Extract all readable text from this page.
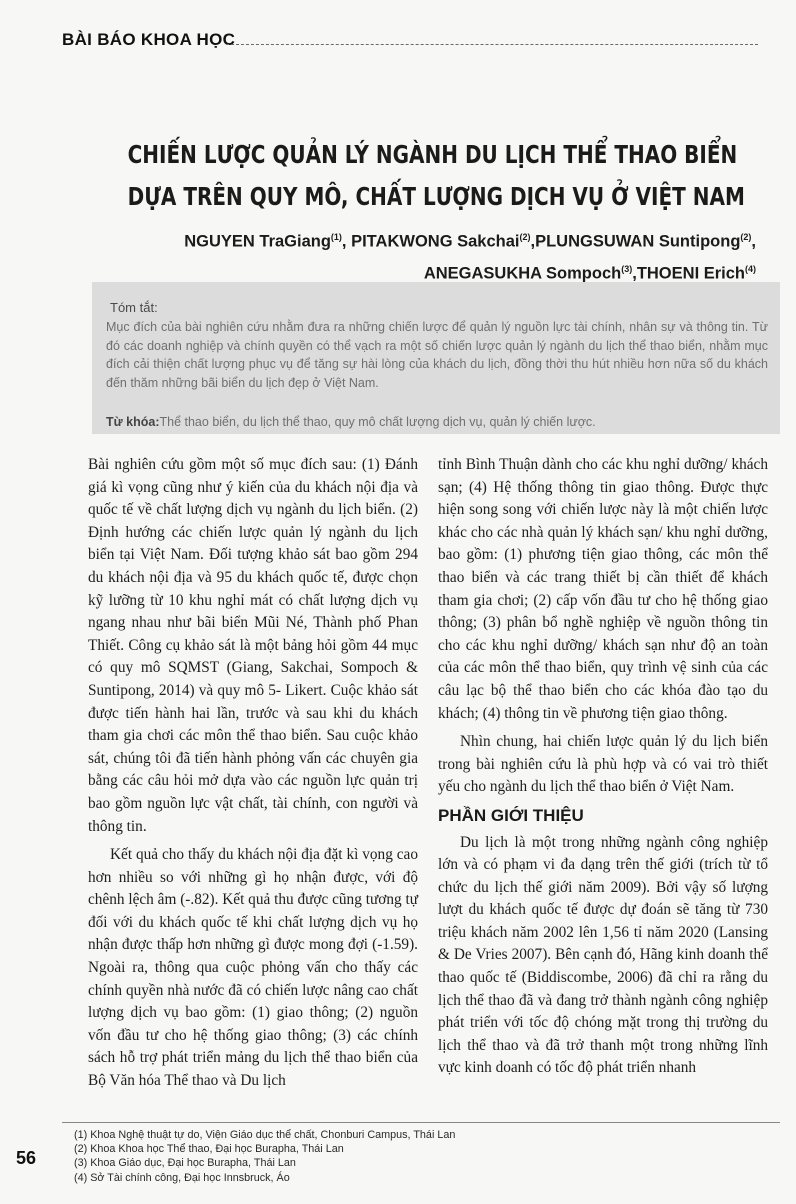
BÀI BÁO KHOA HỌC
CHIẾN LƯỢC QUẢN LÝ NGÀNH DU LỊCH THỂ THAO BIỂN
DỰA TRÊN QUY MÔ, CHẤT LƯỢNG DỊCH VỤ Ở VIỆT NAM
NGUYEN TraGiang$^{(1)}$, PITAKWONG Sakchai$^{(2)}$,PLUNGSUWAN Suntipong$^{(2)}$,
ANEGASUKHA Sompoch$^{(3)}$,THOENI Erich$^{(4)}$
Tóm tắt:
Mục đích của bài nghiên cứu nhằm đưa ra những chiến lược để quản lý nguồn lực tài chính, nhân sự và thông tin. Từ đó các doanh nghiệp và chính quyền có thể vạch ra một số chiến lược quản lý ngành du lịch thể thao biển, nhằm mục đích cải thiện chất lượng phục vụ để tăng sự hài lòng của khách du lịch, đồng thời thu hút nhiều hơn nữa số du khách đến thăm những bãi biển du lịch đẹp ở Việt Nam.
Từ khóa:Thể thao biển, du lịch thể thao, quy mô chất lượng dịch vụ, quản lý chiến lược.

Bài nghiên cứu gồm một số mục đích sau: (1) Đánh giá kì vọng cũng như ý kiến của du khách nội địa và quốc tế về chất lượng dịch vụ ngành du lịch biển. (2) Định hướng các chiến lược quản lý ngành du lịch biển tại Việt Nam. Đối tượng khảo sát bao gồm 294 du khách nội địa và 95 du khách quốc tế, được chọn kỹ lưỡng từ 10 khu nghỉ mát có chất lượng dịch vụ ngang nhau như bãi biển Mũi Né, Thành phố Phan Thiết. Công cụ khảo sát là một bảng hỏi gồm 44 mục có quy mô SQMST (Giang, Sakchai, Sompoch & Suntipong, 2014) và quy mô 5- Likert. Cuộc khảo sát được tiến hành hai lần, trước và sau khi du khách tham gia chơi các môn thể thao biển. Sau cuộc khảo sát, chúng tôi đã tiến hành phỏng vấn các chuyên gia bằng các câu hỏi mở dựa vào các nguồn lực quản trị bao gồm nguồn lực vật chất, tài chính, con người và thông tin.

Kết quả cho thấy du khách nội địa đặt kì vọng cao hơn nhiều so với những gì họ nhận được, với độ chênh lệch âm (-.82). Kết quả thu được cũng tương tự đối với du khách quốc tế khi chất lượng dịch vụ họ nhận được thấp hơn những gì được mong đợi (-1.59). Ngoài ra, thông qua cuộc phỏng vấn cho thấy các chính quyền nhà nước đã có chiến lược nâng cao chất lượng dịch vụ bao gồm: (1) giao thông; (2) nguồn vốn đầu tư cho hệ thống giao thông; (3) các chính sách hỗ trợ phát triển mảng du lịch thể thao biển của Bộ Văn hóa Thể thao và Du lịch

tỉnh Bình Thuận dành cho các khu nghỉ dưỡng/ khách sạn; (4) Hệ thống thông tin giao thông. Được thực hiện song song với chiến lược này là một chiến lược khác cho các nhà quản lý khách sạn/ khu nghỉ dưỡng, bao gồm: (1) phương tiện giao thông, các môn thể thao biển và các trang thiết bị cần thiết để khách tham gia chơi; (2) cấp vốn đầu tư cho hệ thống giao thông; (3) phân bổ nghề nghiệp về nguồn thông tin cho các khu nghỉ dưỡng/ khách sạn như độ an toàn của các môn thể thao biển, quy trình vệ sinh của các câu lạc bộ thể thao biển cho các khóa đào tạo du khách; (4) thông tin về phương tiện giao thông.

Nhìn chung, hai chiến lược quản lý du lịch biển trong bài nghiên cứu là phù hợp và có vai trò thiết yếu cho ngành du lịch thể thao biển ở Việt Nam.

PHẦN GIỚI THIỆU

Du lịch là một trong những ngành công nghiệp lớn và có phạm vi đa dạng trên thế giới (trích từ tổ chức du lịch thế giới năm 2009). Bởi vậy số lượng lượt du khách quốc tế được dự đoán sẽ tăng từ 730 triệu khách năm 2002 lên 1,56 tỉ năm 2020 (Lansing & De Vries 2007). Bên cạnh đó, Hãng kinh doanh thể thao quốc tế (Biddiscombe, 2006) đã chỉ ra rằng du lịch thể thao đã và đang trở thành ngành công nghiệp phát triển với tốc độ chóng mặt trong thị trường du lịch thể thao và đã trở thanh một trong những lĩnh vực kinh doanh có tốc độ phát triển nhanh

(1) Khoa Nghệ thuật tự do, Viện Giáo dục thể chất, Chonburi Campus, Thái Lan
(2) Khoa Khoa học Thể thao, Đại học Burapha, Thái Lan
(3) Khoa Giáo dục, Đại học Burapha, Thái Lan
(4) Sở Tài chính công, Đại học Innsbruck, Áo
56
